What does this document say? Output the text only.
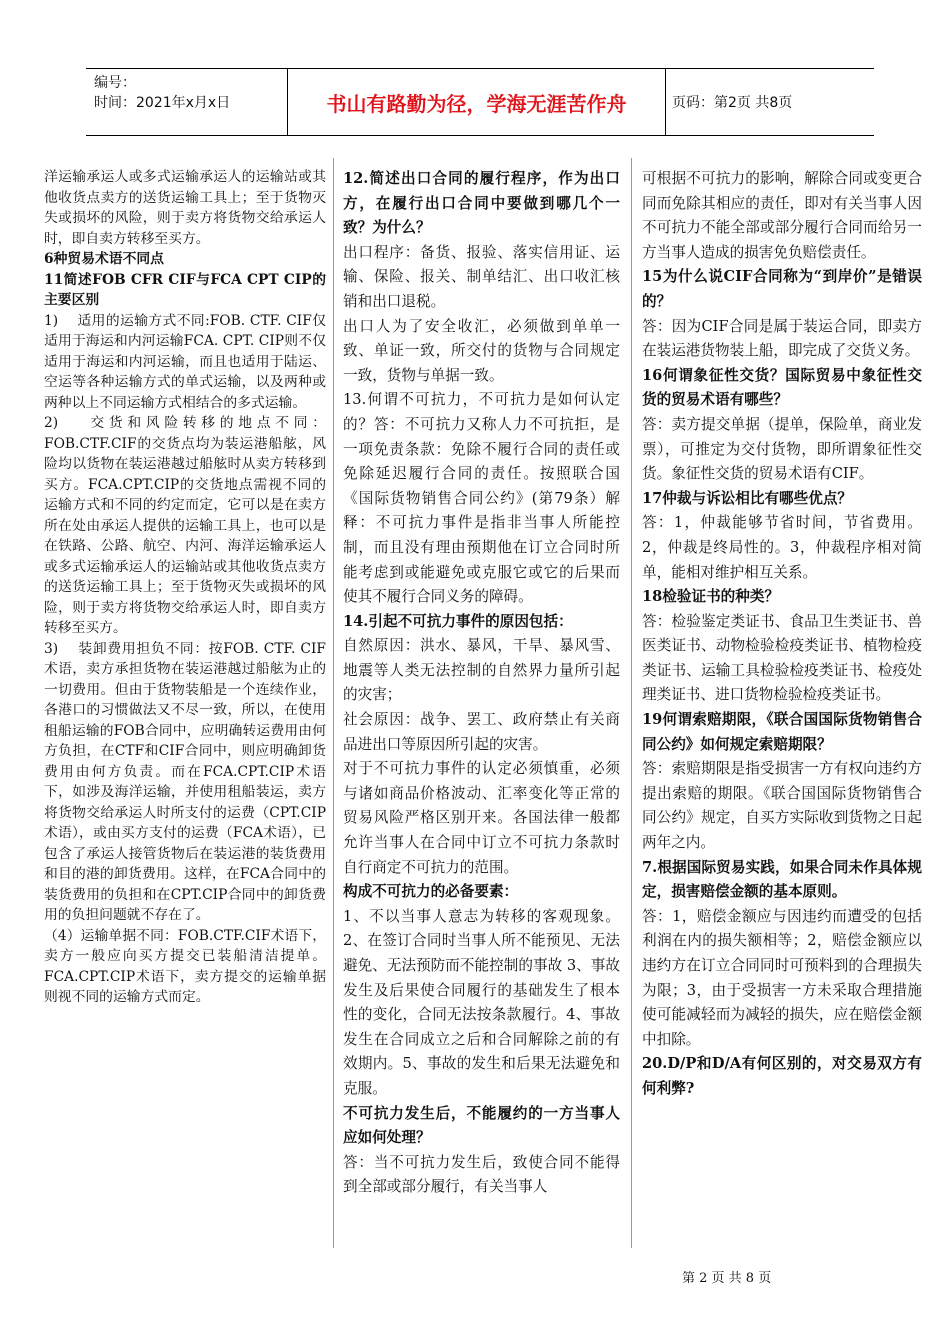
编号：
时间：2021年x月x日	书山有路勤为径，学海无涯苦作舟	页码：第2页 共8页

洋运输承运人或多式运输承运人的运输站或其他收货点卖方的送货运输工具上；至于货物灭失或损坏的风险，则于卖方将货物交给承运人时，即自卖方转移至买方。

6种贸易术语不同点

11简述FOB CFR CIF与FCA CPT CIP的主要区别

1)　 适用的运输方式不同:FOB. CTF. CIF仅适用于海运和内河运输FCA. CPT. CIP则不仅适用于海运和内河运输，而且也适用于陆运、空运等各种运输方式的单式运输，以及两种或两种以上不同运输方式相结合的多式运输。

2)　 交货和风险转移的地点不同：FOB.CTF.CIF的交货点均为装运港船舷，风险均以货物在装运港越过船舷时从卖方转移到买方。FCA.CPT.CIP的交货地点需视不同的运输方式和不同的约定而定，它可以是在卖方所在处由承运人提供的运输工具上，也可以是在铁路、公路、航空、内河、海洋运输承运人或多式运输承运人的运输站或其他收货点卖方的送货运输工具上；至于货物灭失或损坏的风险，则于卖方将货物交给承运人时，即自卖方转移至买方。

3)　 装卸费用担负不同：按FOB. CTF. CIF术语，卖方承担货物在装运港越过船舷为止的一切费用。但由于货物装船是一个连续作业，各港口的习惯做法又不尽一致，所以，在使用租船运输的FOB合同中，应明确转运费用由何方负担，在CTF和CIF合同中，则应明确卸货费用由何方负责。而在FCA.CPT.CIP术语下，如涉及海洋运输，并使用租船装运，卖方将货物交给承运人时所支付的运费（CPT.CIP术语），或由买方支付的运费（FCA术语），已包含了承运人接管货物后在装运港的装货费用和目的港的卸货费用。这样，在FCA合同中的装货费用的负担和在CPT.CIP合同中的卸货费用的负担问题就不存在了。

（4）运输单据不同：FOB.CTF.CIF术语下，卖方一般应向买方提交已装船清洁提单。FCA.CPT.CIP术语下，卖方提交的运输单据则视不同的运输方式而定。

12.简述出口合同的履行程序，作为出口方，在履行出口合同中要做到哪几个一致？为什么？

出口程序：备货、报验、落实信用证、运输、保险、报关、制单结汇、出口收汇核销和出口退税。

出口人为了安全收汇，必须做到单单一致、单证一致，所交付的货物与合同规定一致，货物与单据一致。

13.何谓不可抗力，不可抗力是如何认定的？答：不可抗力又称人力不可抗拒，是一项免责条款：免除不履行合同的责任或免除延迟履行合同的责任。按照联合国《国际货物销售合同公约》(第79条）解释：不可抗力事件是指非当事人所能控制，而且没有理由预期他在订立合同时所能考虑到或能避免或克服它或它的后果而使其不履行合同义务的障碍。

14.引起不可抗力事件的原因包括：

自然原因：洪水、暴风，干旱、暴风雪、地震等人类无法控制的自然界力量所引起的灾害；

社会原因：战争、罢工、政府禁止有关商品进出口等原因所引起的灾害。

对于不可抗力事件的认定必须慎重，必须与诸如商品价格波动、汇率变化等正常的贸易风险严格区别开来。各国法律一般都允许当事人在合同中订立不可抗力条款时自行商定不可抗力的范围。

构成不可抗力的必备要素：

1、不以当事人意志为转移的客观现象。2、在签订合同时当事人所不能预见、无法避免、无法预防而不能控制的事故 3、事故发生及后果使合同履行的基础发生了根本性的变化，合同无法按条款履行。4、事故发生在合同成立之后和合同解除之前的有效期内。5、事故的发生和后果无法避免和克服。

不可抗力发生后，不能履约的一方当事人应如何处理？

答：当不可抗力发生后，致使合同不能得到全部或部分履行，有关当事人

可根据不可抗力的影响，解除合同或变更合同而免除其相应的责任，即对有关当事人因不可抗力不能全部或部分履行合同而给另一方当事人造成的损害免负赔偿责任。

15为什么说CIF合同称为“到岸价”是错误的？

答：因为CIF合同是属于装运合同，即卖方在装运港货物装上船，即完成了交货义务。

16何谓象征性交货？国际贸易中象征性交货的贸易术语有哪些？

答：卖方提交单据（提单，保险单，商业发票），可推定为交付货物，即所谓象征性交货。象征性交货的贸易术语有CIF。

17仲裁与诉讼相比有哪些优点？

答：1，仲裁能够节省时间，节省费用。2，仲裁是终局性的。3，仲裁程序相对简单，能相对维护相互关系。

18检验证书的种类？

答：检验鉴定类证书、食品卫生类证书、兽医类证书、动物检验检疫类证书、植物检疫类证书、运输工具检验检疫类证书、检疫处理类证书、进口货物检验检疫类证书。

19何谓索赔期限，《联合国国际货物销售合同公约》如何规定索赔期限？

答：索赔期限是指受损害一方有权向违约方提出索赔的期限。《联合国国际货物销售合同公约》规定，自买方实际收到货物之日起两年之内。

7.根据国际贸易实践，如果合同未作具体规定，损害赔偿金额的基本原则。

答：1，赔偿金额应与因违约而遭受的包括利润在内的损失额相等；2，赔偿金额应以违约方在订立合同同时可预料到的合理损失为限；3，由于受损害一方未采取合理措施使可能减轻而为减轻的损失，应在赔偿金额中扣除。

20.D/P和D/A有何区别的，对交易双方有何利弊?

第 2 页 共 8 页
